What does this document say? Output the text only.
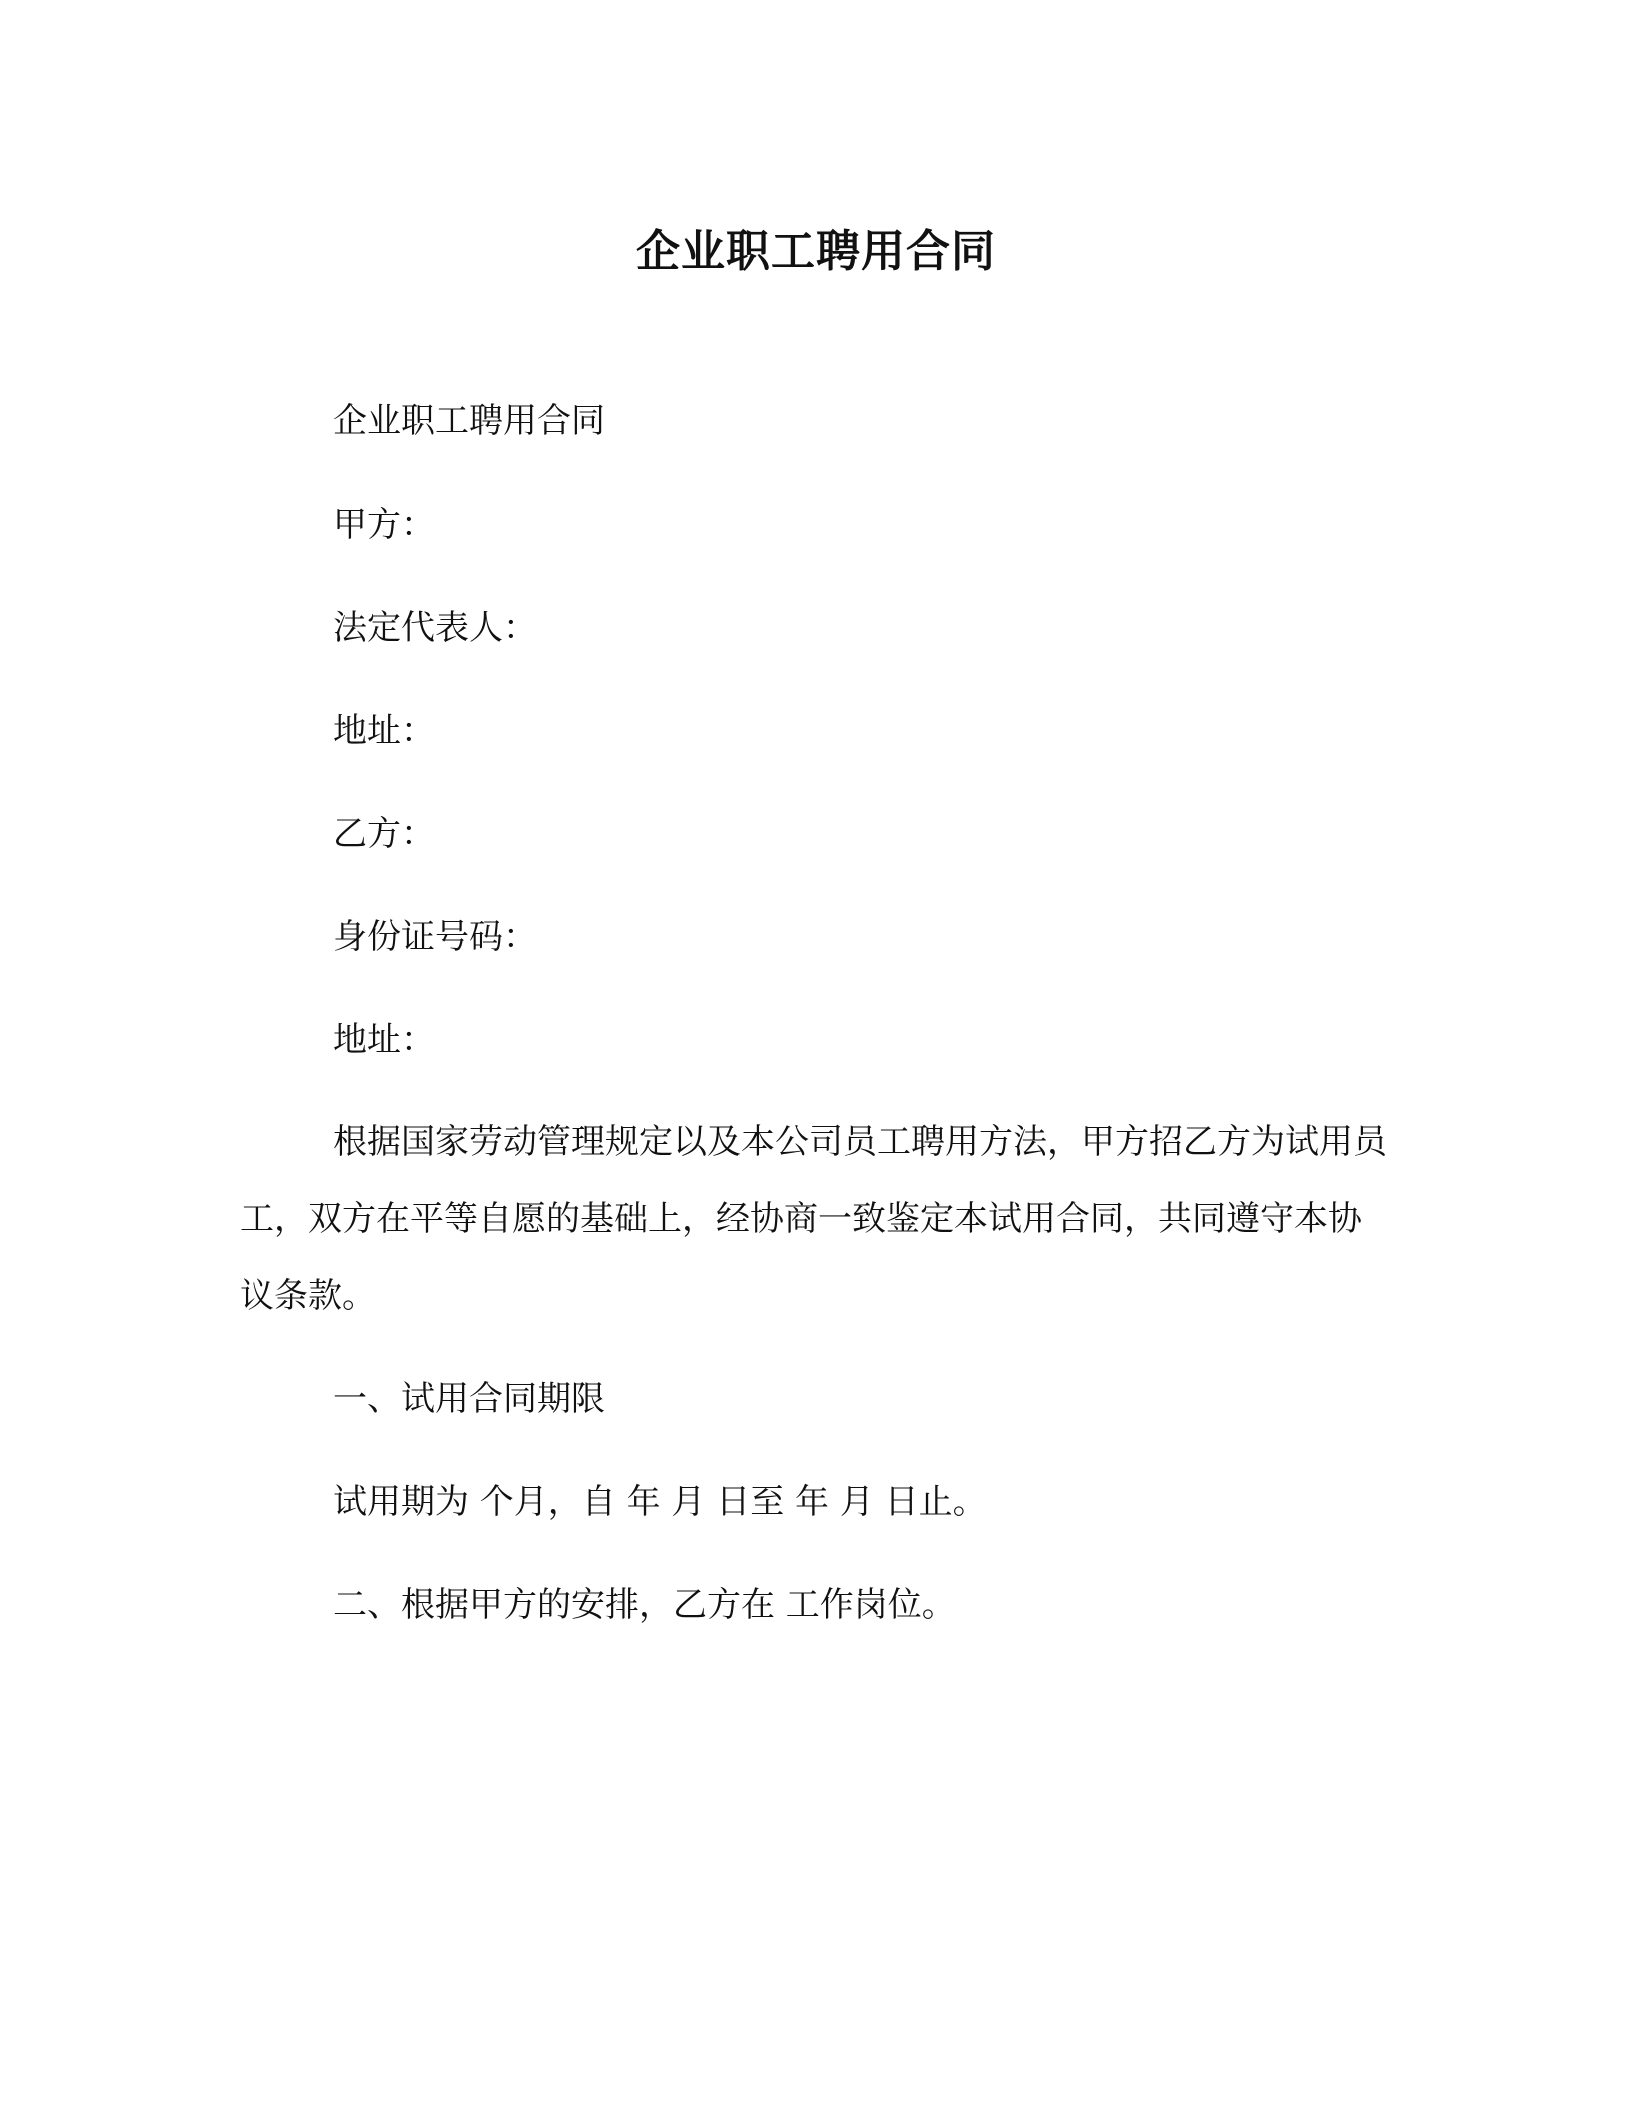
企业职工聘用合同

企业职工聘用合同

甲方：

法定代表人：

地址：

乙方：

身份证号码：

地址：

根据国家劳动管理规定以及本公司员工聘用方法，甲方招乙方为试用员工，双方在平等自愿的基础上，经协商一致鉴定本试用合同，共同遵守本协议条款。

一、试用合同期限

试用期为 个月，自 年 月 日至 年 月 日止。

二、根据甲方的安排，乙方在 工作岗位。
